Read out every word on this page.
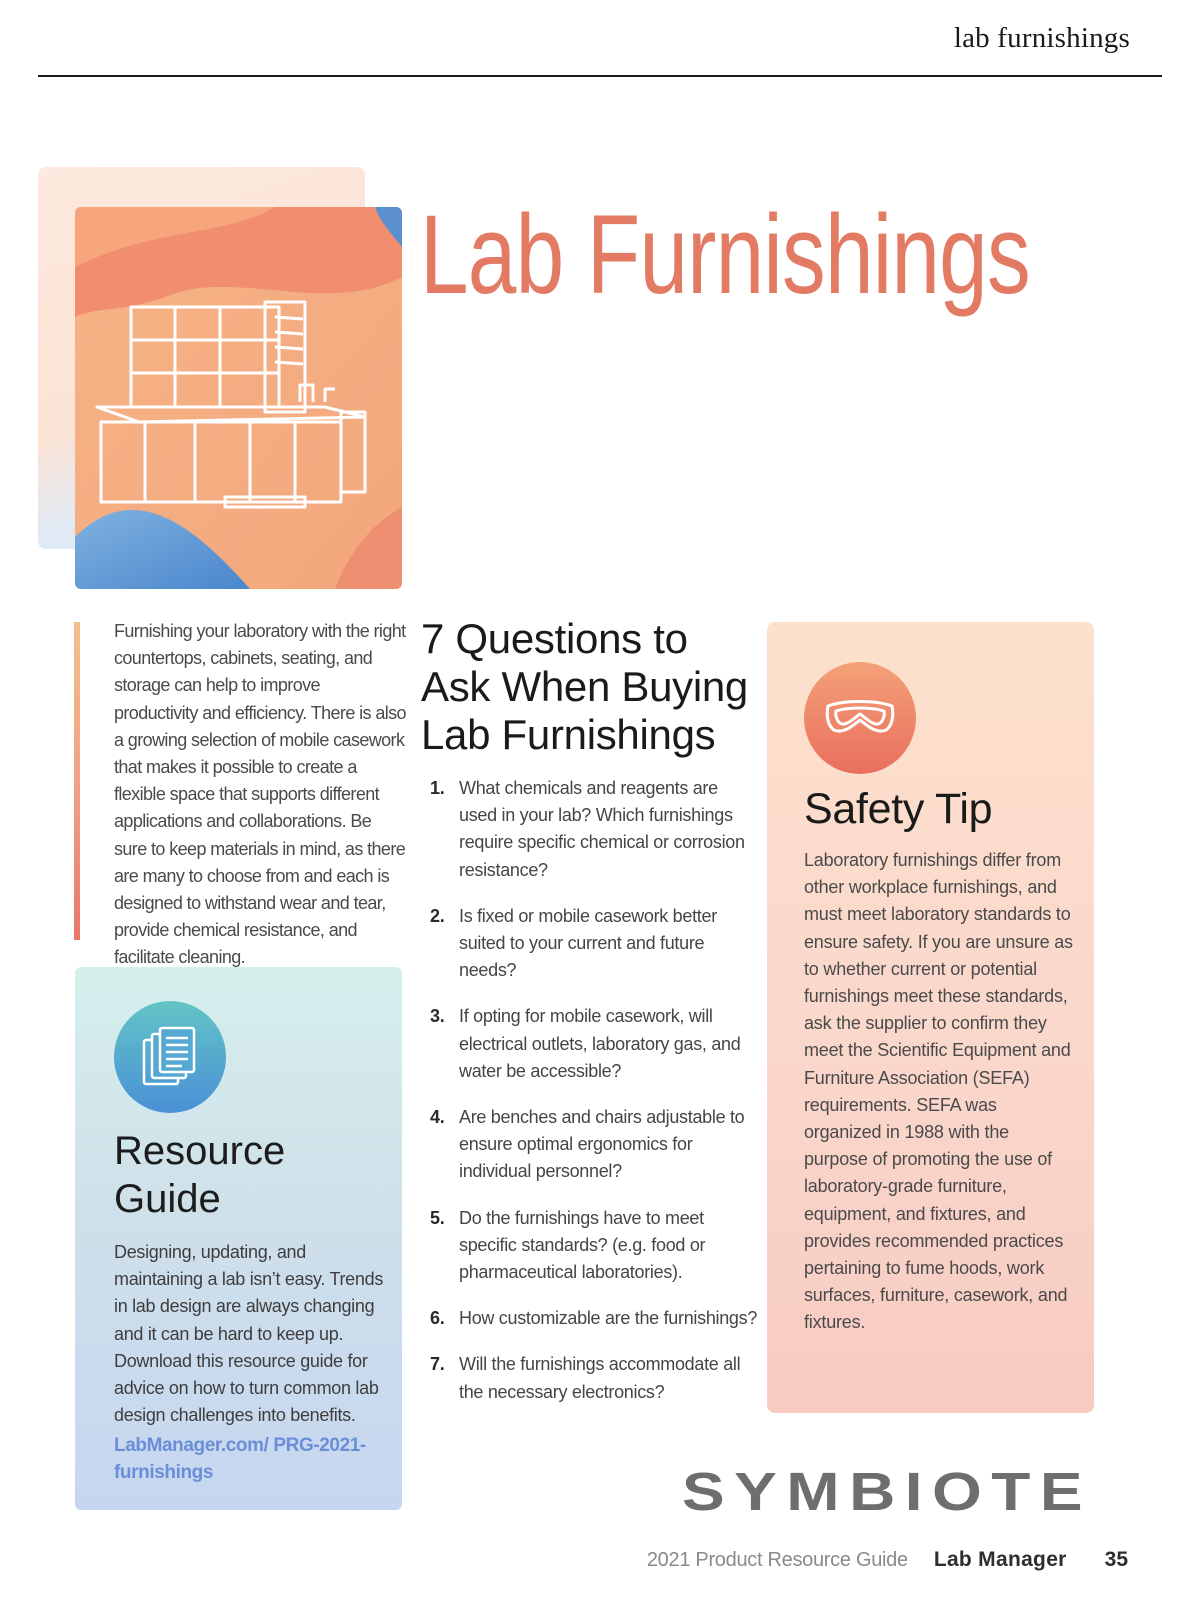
lab furnishings
Lab Furnishings

Furnishing your laboratory with the right countertops, cabinets, seating, and storage can help to improve productivity and efficiency. There is also a growing selection of mobile casework that makes it possible to create a flexible space that supports different applications and collaborations. Be sure to keep materials in mind, as there are many to choose from and each is designed to withstand wear and tear, provide chemical resistance, and facilitate cleaning.

Resource Guide

Designing, updating, and maintaining a lab isn’t easy. Trends in lab design are always changing and it can be hard to keep up. Download this resource guide for advice on how to turn common lab design challenges into benefits.

LabManager.com/ PRG-2021-furnishings
7 Questions to Ask When Buying Lab Furnishings
1. What chemicals and reagents are used in your lab? Which furnishings require specific chemical or corrosion resistance?
2. Is fixed or mobile casework better suited to your current and future needs?
3. If opting for mobile casework, will electrical outlets, laboratory gas, and water be accessible?
4. Are benches and chairs adjustable to ensure optimal ergonomics for individual personnel?
5. Do the furnishings have to meet specific standards? (e.g. food or pharmaceutical laboratories).
6. How customizable are the furnishings?
7. Will the furnishings accommodate all the necessary electronics?
Safety Tip

Laboratory furnishings differ from other workplace furnishings, and must meet laboratory standards to ensure safety. If you are unsure as to whether current or potential furnishings meet these standards, ask the supplier to confirm they meet the Scientific Equipment and Furniture Association (SEFA) requirements. SEFA was organized in 1988 with the purpose of promoting the use of laboratory-grade furniture, equipment, and fixtures, and provides recommended practices pertaining to fume hoods, work surfaces, furniture, casework, and fixtures.

SYMBIOTE
2021 Product Resource Guide Lab Manager 35
